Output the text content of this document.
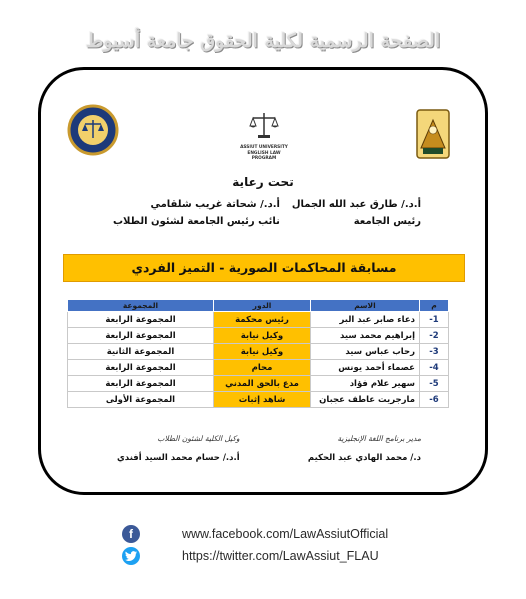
الصفحة الرسمية لكلية الحقوق جامعة أسيوط
ASSIUT UNIVERSITY
ENGLISH LAW PROGRAM
تحت رعاية
أ.د./ طارق عبد الله الجمال
رئيس الجامعة
أ.د./ شحاتة غريب شلقامي
نائب رئيس الجامعة لشئون الطلاب
مسابقة المحاكمات الصورية - التميز الفردي
م	الاسم	الدور	المجموعة
1-	دعاء صابر عبد البر	رئيس محكمة	المجموعة الرابعة
2-	إبراهيم محمد سيد	وكيل نيابة	المجموعة الرابعة
3-	رحاب عباس سيد	وكيل نيابة	المجموعة الثانية
4-	عصماء أحمد يونس	محام	المجموعة الرابعة
5-	سهير علام فؤاد	مدع بالحق المدني	المجموعة الرابعة
6-	مارجريت عاطف عجبان	شاهد إثبات	المجموعة الأولى
مدير برنامج اللغة الإنجليزية
د./ محمد الهادي عبد الحكيم
وكيل الكلية لشئون الطلاب
أ.د./ حسام محمد السيد أفندي
f	www.facebook.com/LawAssiutOfficial
https://twitter.com/LawAssiut_FLAU
